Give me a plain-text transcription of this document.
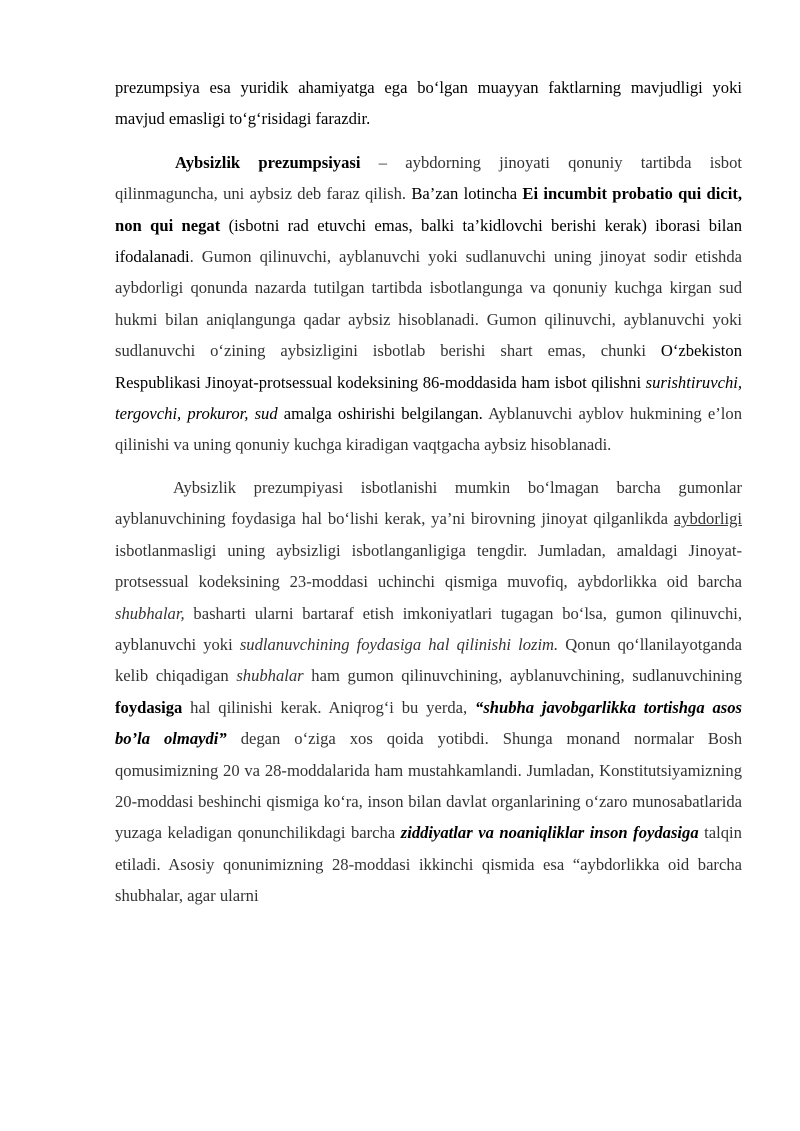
prezumpsiya esa yuridik ahamiyatga ega bo‘lgan muayyan faktlarning mavjudligi yoki mavjud emasligi to‘g‘risidagi farazdir.

Aybsizlik prezumpsiyasi – aybdorning jinoyati qonuniy tartibda isbot qilinmaguncha, uni aybsiz deb faraz qilish. Ba’zan lotincha Ei incumbit probatio qui dicit, non qui negat (isbotni rad etuvchi emas, balki ta’kidlovchi berishi kerak) iborasi bilan ifodalanadi. Gumon qilinuvchi, ayblanuvchi yoki sudlanuvchi uning jinoyat sodir etishda aybdorligi qonunda nazarda tutilgan tartibda isbotlangunga va qonuniy kuchga kirgan sud hukmi bilan aniqlangunga qadar aybsiz hisoblanadi. Gumon qilinuvchi, ayblanuvchi yoki sudlanuvchi o‘zining aybsizligini isbotlab berishi shart emas, chunki O‘zbekiston Respublikasi Jinoyat-protsessual kodeksining 86-moddasida ham isbot qilishni surishtiruvchi, tergovchi, prokuror, sud amalga oshirishi belgilangan. Ayblanuvchi ayblov hukmining e’lon qilinishi va uning qonuniy kuchga kiradigan vaqtgacha aybsiz hisoblanadi.

Aybsizlik prezumpiyasi isbotlanishi mumkin bo‘lmagan barcha gumonlar ayblanuvchining foydasiga hal bo‘lishi kerak, ya’ni birovning jinoyat qilganlikda aybdorligi isbotlanmasligi uning aybsizligi isbotlanganligiga tengdir. Jumladan, amaldagi Jinoyat-protsessual kodeksining 23-moddasi uchinchi qismiga muvofiq, aybdorlikka oid barcha shubhalar, basharti ularni bartaraf etish imkoniyatlari tugagan bo‘lsa, gumon qilinuvchi, ayblanuvchi yoki sudlanuvchining foydasiga hal qilinishi lozim. Qonun qo‘llanilayotganda kelib chiqadigan shubhalar ham gumon qilinuvchining, ayblanuvchining, sudlanuvchining foydasiga hal qilinishi kerak. Aniqrog‘i bu yerda, “shubha javobgarlikka tortishga asos bo’la olmaydi” degan o‘ziga xos qoida yotibdi. Shunga monand normalar Bosh qomusimizning 20 va 28-moddalarida ham mustahkamlandi. Jumladan, Konstitutsiyamizning 20-moddasi beshinchi qismiga ko‘ra, inson bilan davlat organlarining o‘zaro munosabatlarida yuzaga keladigan qonunchilikdagi barcha ziddiyatlar va noaniqliklar inson foydasiga talqin etiladi. Asosiy qonunimizning 28-moddasi ikkinchi qismida esa “aybdorlikka oid barcha shubhalar, agar ularni
